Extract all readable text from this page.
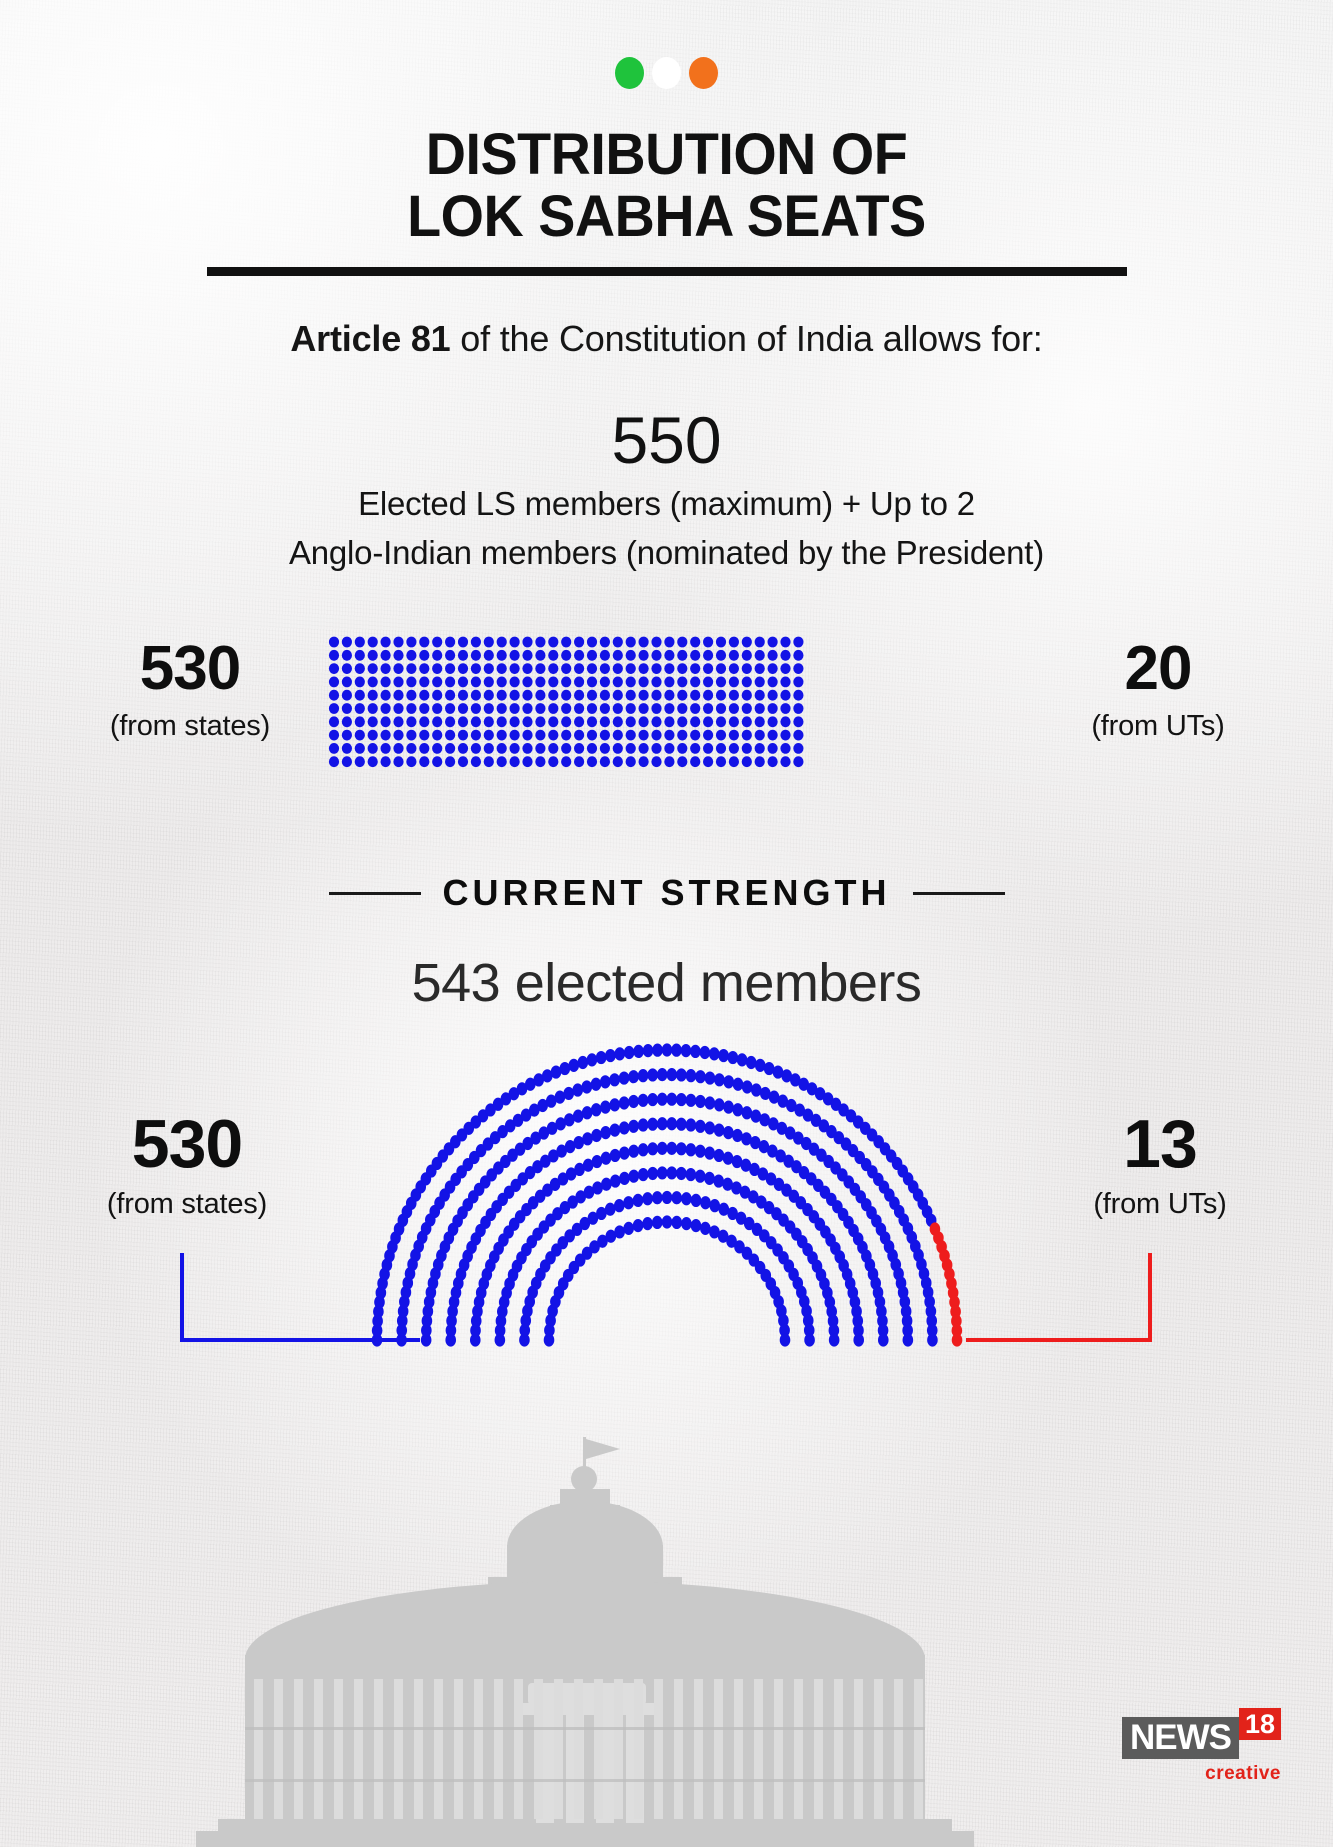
DISTRIBUTION OF
LOK SABHA SEATS
Article 81 of the Constitution of India allows for:
550
Elected LS members (maximum) + Up to 2
Anglo-Indian members (nominated by the President)
530
(from states)
20
(from UTs)
CURRENT STRENGTH
543 elected members
530
(from states)
13
(from UTs)
NEWS 18
creative
